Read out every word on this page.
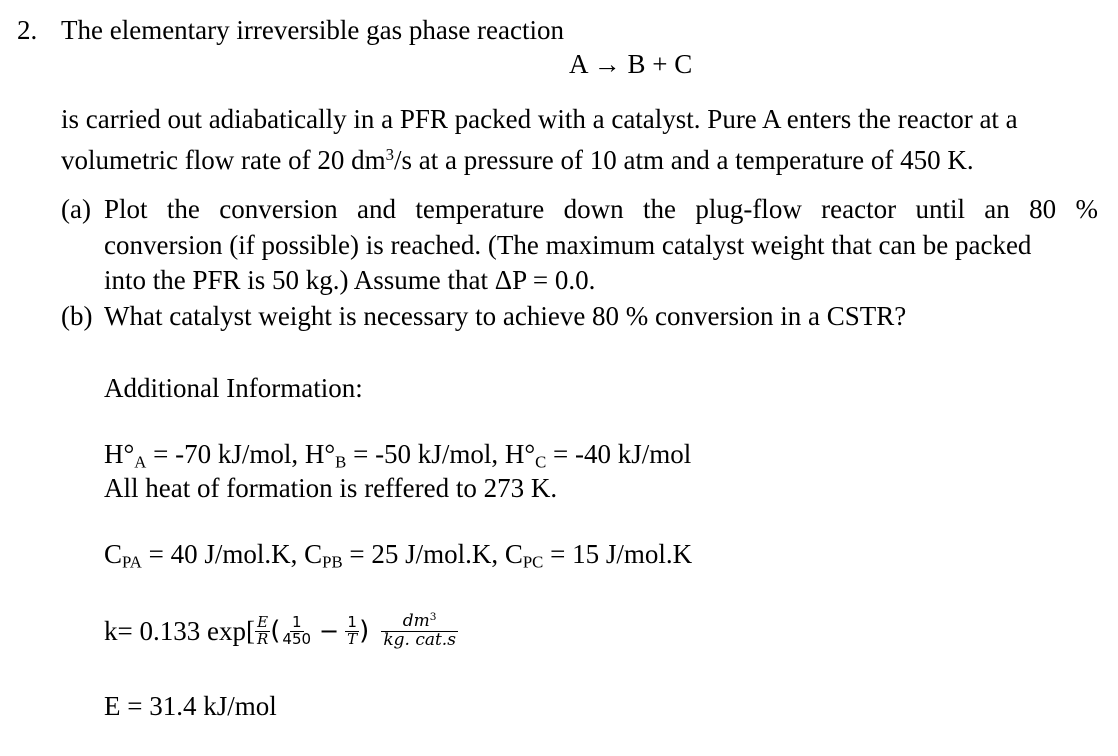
2. The elementary irreversible gas phase reaction
A → B + C
is carried out adiabatically in a PFR packed with a catalyst. Pure A enters the reactor at a
volumetric flow rate of 20 $dm^3/s$ at a pressure of 10 atm and a temperature of 450 K.
(a) Plot the conversion and temperature down the plug-flow reactor until an 80 %
conversion (if possible) is reached. (The maximum catalyst weight that can be packed
into the PFR is 50 kg.) Assume that ΔP = 0.0.
(b) What catalyst weight is necessary to achieve 80 % conversion in a CSTR?
Additional Information:
$H^\circ_A = -70$ kJ/mol, $H^\circ_B = -50$ kJ/mol, $H^\circ_C = -40$ kJ/mol
All heat of formation is reffered to 273 K.
$C_{PA} = 40$ J/mol.K, $C_{PB} = 25$ J/mol.K, $C_{PC} = 15$ J/mol.K
k= 0.133 $\exp[ \frac{E}{R}$ ( $\frac{1}{450} - \frac{1}{T}$ ) $\frac{dm^3}{\text{kg. cat.s}}$
E = 31.4 kJ/mol
